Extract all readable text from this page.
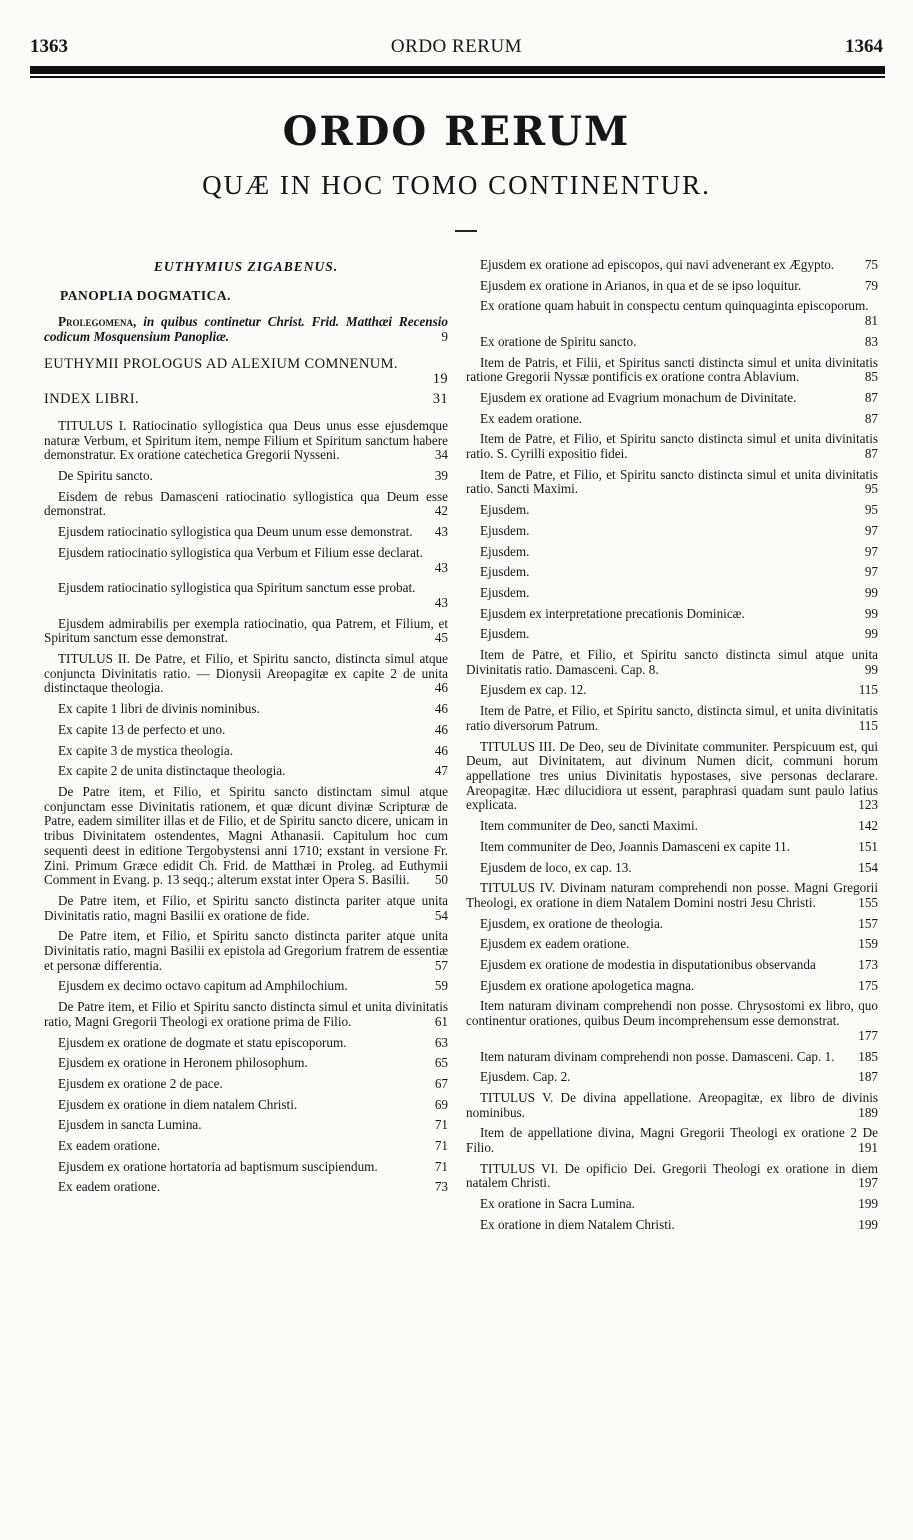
1363	ORDO RERUM	1364
ORDO RERUM
QUÆ IN HOC TOMO CONTINENTUR.
EUTHYMIUS ZIGABENUS.
PANOPLIA DOGMATICA.
Prolegomena, in quibus continetur Christ. Frid. Matthæi Recensio codicum Mosquensium Panopliæ.	9
EUTHYMII PROLOGUS AD ALEXIUM COMNENUM.
19
INDEX LIBRI.	31
TITULUS I. Ratiocinatio syllogistica qua Deus unus esse ejusdemque naturæ Verbum, et Spiritum item, nempe Filium et Spiritum sanctum habere demonstratur. Ex oratione catechetica Gregorii Nysseni.	34
De Spiritu sancto.	39
Eisdem de rebus Damasceni ratiocinatio syllogistica qua Deum esse demonstrat.	42
Ejusdem ratiocinatio syllogistica qua Deum unum esse demonstrat.	43
Ejusdem ratiocinatio syllogistica qua Verbum et Filium esse declarat.
43
Ejusdem ratiocinatio syllogistica qua Spiritum sanctum esse probat.
43
Ejusdem admirabilis per exempla ratiocinatio, qua Patrem, et Filium, et Spiritum sanctum esse demonstrat.	45
TITULUS II. De Patre, et Filio, et Spiritu sancto, distincta simul atque conjuncta Divinitatis ratio. — Dionysii Areopagitæ ex capite 2 de unita distinctaque theologia.	46
Ex capite 1 libri de divinis nominibus.	46
Ex capite 13 de perfecto et uno.	46
Ex capite 3 de mystica theologia.	46
Ex capite 2 de unita distinctaque theologia.	47
De Patre item, et Filio, et Spiritu sancto distinctam simul atque conjunctam esse Divinitatis rationem, et quæ dicunt divinæ Scripturæ de Patre, eadem similiter illas et de Filio, et de Spiritu sancto dicere, unicam in tribus Divinitatem ostendentes, Magni Athanasii. Capitulum hoc cum sequenti deest in editione Tergobystensi anni 1710; exstant in versione Fr. Zini. Primum Græce edidit Ch. Frid. de Matthæi in Proleg. ad Euthymii Comment in Evang. p. 13 seqq.; alterum exstat inter Opera S. Basilii.	50
De Patre item, et Filio, et Spiritu sancto distincta pariter atque unita Divinitatis ratio, magni Basilii ex oratione de fide.	54
De Patre item, et Filio, et Spiritu sancto distincta pariter atque unita Divinitatis ratio, magni Basilii ex epistola ad Gregorium fratrem de essentiæ et personæ differentia.	57
Ejusdem ex decimo octavo capitum ad Amphilochium.	59
De Patre item, et Filio et Spiritu sancto distincta simul et unita divinitatis ratio, Magni Gregorii Theologi ex oratione prima de Filio.	61
Ejusdem ex oratione de dogmate et statu episcoporum.	63
Ejusdem ex oratione in Heronem philosophum.	65
Ejusdem ex oratione 2 de pace.	67
Ejusdem ex oratione in diem natalem Christi.	69
Ejusdem in sancta Lumina.	71
Ex eadem oratione.	71
Ejusdem ex oratione hortatoria ad baptismum suscipiendum.	71
Ex eadem oratione.	73
Ejusdem ex oratione ad episcopos, qui navi advenerant ex Ægypto.	75
Ejusdem ex oratione in Arianos, in qua et de se ipso loquitur.	79
Ex oratione quam habuit in conspectu centum quinquaginta episcoporum.
81
Ex oratione de Spiritu sancto.	83
Item de Patris, et Filii, et Spiritus sancti distincta simul et unita divinitatis ratione Gregorii Nyssæ pontificis ex oratione contra Ablavium.	85
Ejusdem ex oratione ad Evagrium monachum de Divinitate.	87
Ex eadem oratione.	87
Item de Patre, et Filio, et Spiritu sancto distincta simul et unita divinitatis ratio. S. Cyrilli expositio fidei.	87
Item de Patre, et Filio, et Spiritu sancto distincta simul et unita divinitatis ratio. Sancti Maximi.	95
Ejusdem.	95
Ejusdem.	97
Ejusdem.	97
Ejusdem.	97
Ejusdem.	99
Ejusdem ex interpretatione precationis Dominicæ.	99
Ejusdem.	99
Item de Patre, et Filio, et Spiritu sancto distincta simul atque unita Divinitatis ratio. Damasceni. Cap. 8.	99
Ejusdem ex cap. 12.	115
Item de Patre, et Filio, et Spiritu sancto, distincta simul, et unita divinitatis ratio diversorum Patrum.	115
TITULUS III. De Deo, seu de Divinitate communiter. Perspicuum est, qui Deum, aut Divinitatem, aut divinum Numen dicit, communi horum appellatione tres unius Divinitatis hypostases, sive personas declarare. Areopagitæ. Hæc dilucidiora ut essent, paraphrasi quadam sunt paulo latius explicata.	123
Item communiter de Deo, sancti Maximi.	142
Item communiter de Deo, Joannis Damasceni ex capite 11.	151
Ejusdem de loco, ex cap. 13.	154
TITULUS IV. Divinam naturam comprehendi non posse. Magni Gregorii Theologi, ex oratione in diem Natalem Domini nostri Jesu Christi.	155
Ejusdem, ex oratione de theologia.	157
Ejusdem ex eadem oratione.	159
Ejusdem ex oratione de modestia in disputationibus observanda	173
Ejusdem ex oratione apologetica magna.	175
Item naturam divinam comprehendi non posse. Chrysostomi ex libro, quo continentur orationes, quibus Deum incomprehensum esse demonstrat.
177
Item naturam divinam comprehendi non posse. Damasceni. Cap. 1.	185
Ejusdem. Cap. 2.	187
TITULUS V. De divina appellatione. Areopagitæ, ex libro de divinis nominibus.	189
Item de appellatione divina, Magni Gregorii Theologi ex oratione 2 De Filio.	191
TITULUS VI. De opificio Dei. Gregorii Theologi ex oratione in diem natalem Christi.	197
Ex oratione in Sacra Lumina.	199
Ex oratione in diem Natalem Christi.	199
